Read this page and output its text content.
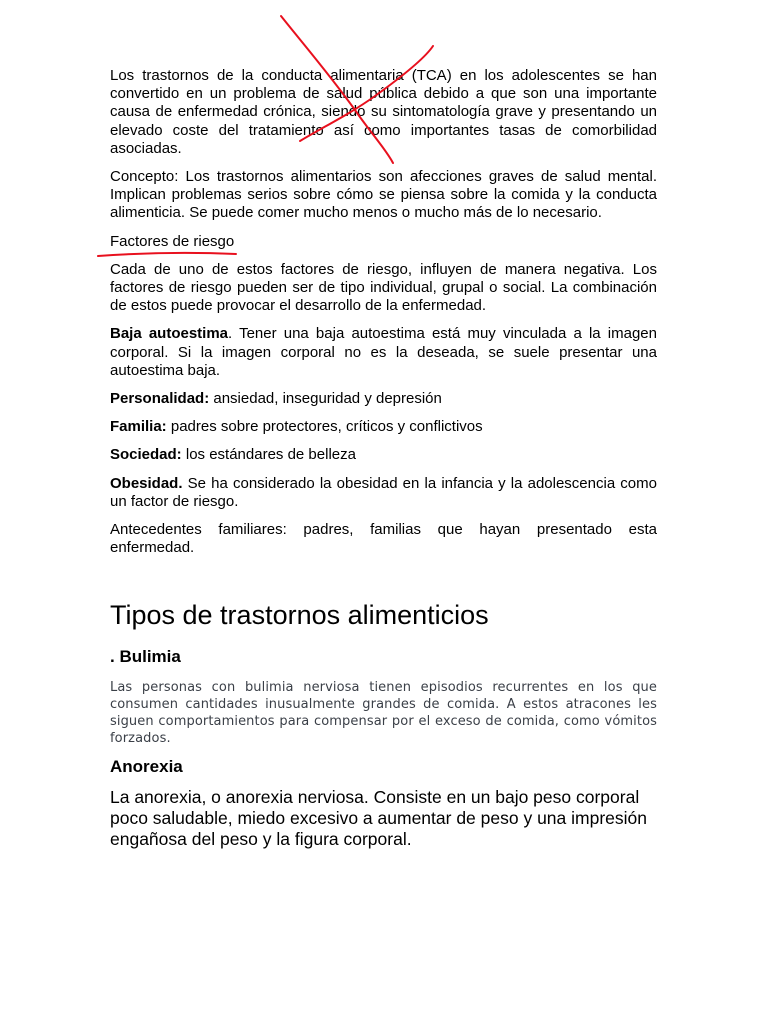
Los trastornos de la conducta alimentaria (TCA) en los adolescentes se han convertido en un problema de salud pública debido a que son una importante causa de enfermedad crónica, siendo su sintomatología grave y presentando un elevado coste del tratamiento así como importantes tasas de comorbilidad asociadas.

Concepto: Los trastornos alimentarios son afecciones graves de salud mental. Implican problemas serios sobre cómo se piensa sobre la comida y la conducta alimenticia. Se puede comer mucho menos o mucho más de lo necesario.

Factores de riesgo

Cada de uno de estos factores de riesgo, influyen de manera negativa. Los factores de riesgo pueden ser de tipo individual, grupal o social. La combinación de estos puede provocar el desarrollo de la enfermedad.

Baja autoestima. Tener una baja autoestima está muy vinculada a la imagen corporal. Si la imagen corporal no es la deseada, se suele presentar una autoestima baja.

Personalidad: ansiedad, inseguridad y depresión

Familia: padres sobre protectores, críticos y conflictivos

Sociedad: los estándares de belleza

Obesidad. Se ha considerado la obesidad en la infancia y la adolescencia como un factor de riesgo.

Antecedentes familiares: padres, familias que hayan presentado esta enfermedad.

Tipos de trastornos alimenticios
. Bulimia

Las personas con bulimia nerviosa tienen episodios recurrentes en los que consumen cantidades inusualmente grandes de comida. A estos atracones les siguen comportamientos para compensar por el exceso de comida, como vómitos forzados.

Anorexia

La anorexia, o anorexia nerviosa. Consiste en un bajo peso corporal poco saludable, miedo excesivo a aumentar de peso y una impresión engañosa del peso y la figura corporal.
